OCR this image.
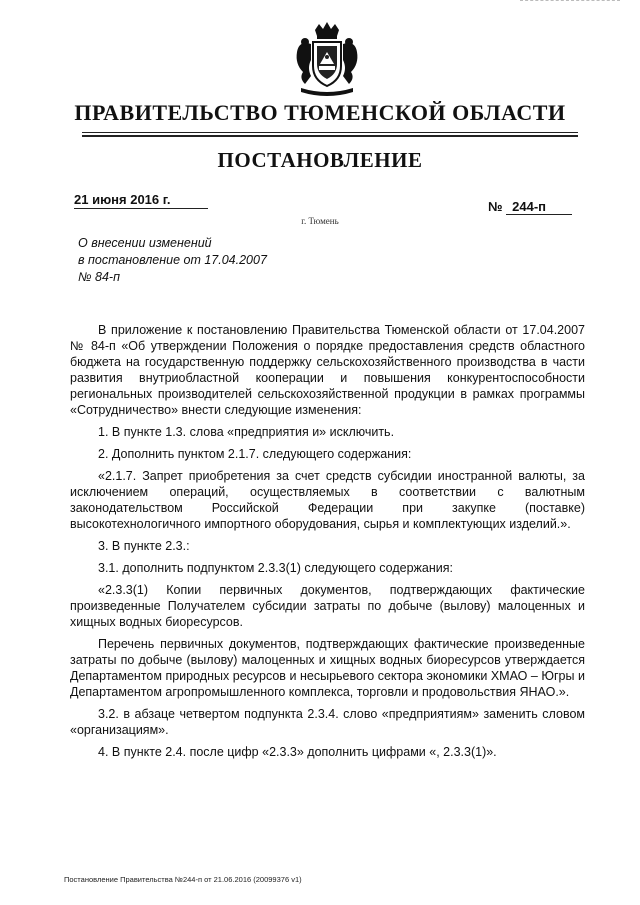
ПРАВИТЕЛЬСТВО ТЮМЕНСКОЙ ОБЛАСТИ
ПОСТАНОВЛЕНИЕ
21 июня 2016 г.	№ 244-п
г. Тюмень
О внесении изменений
в постановление от 17.04.2007
№ 84-п

В приложение к постановлению Правительства Тюменской области от 17.04.2007 № 84-п «Об утверждении Положения о порядке предоставления средств областного бюджета на государственную поддержку сельскохозяйственного производства в части развития внутриобластной кооперации и повышения конкурентоспособности региональных производителей сельскохозяйственной продукции в рамках программы «Сотрудничество» внести следующие изменения:

1. В пункте 1.3. слова «предприятия и» исключить.

2. Дополнить пунктом 2.1.7. следующего содержания:

«2.1.7. Запрет приобретения за счет средств субсидии иностранной валюты, за исключением операций, осуществляемых в соответствии с валютным законодательством Российской Федерации при закупке (поставке) высокотехнологичного импортного оборудования, сырья и комплектующих изделий.».

3. В пункте 2.3.:

3.1. дополнить подпунктом 2.3.3(1) следующего содержания:

«2.3.3(1) Копии первичных документов, подтверждающих фактические произведенные Получателем субсидии затраты по добыче (вылову) малоценных и хищных водных биоресурсов.

Перечень первичных документов, подтверждающих фактические произведенные затраты по добыче (вылову) малоценных и хищных водных биоресурсов утверждается Департаментом природных ресурсов и несырьевого сектора экономики ХМАО – Югры и Департаментом агропромышленного комплекса, торговли и продовольствия ЯНАО.».

3.2. в абзаце четвертом подпункта 2.3.4. слово «предприятиям» заменить словом «организациям».

4. В пункте 2.4. после цифр «2.3.3» дополнить цифрами «, 2.3.3(1)».

Постановление Правительства №244-п от 21.06.2016 (20099376 v1)
